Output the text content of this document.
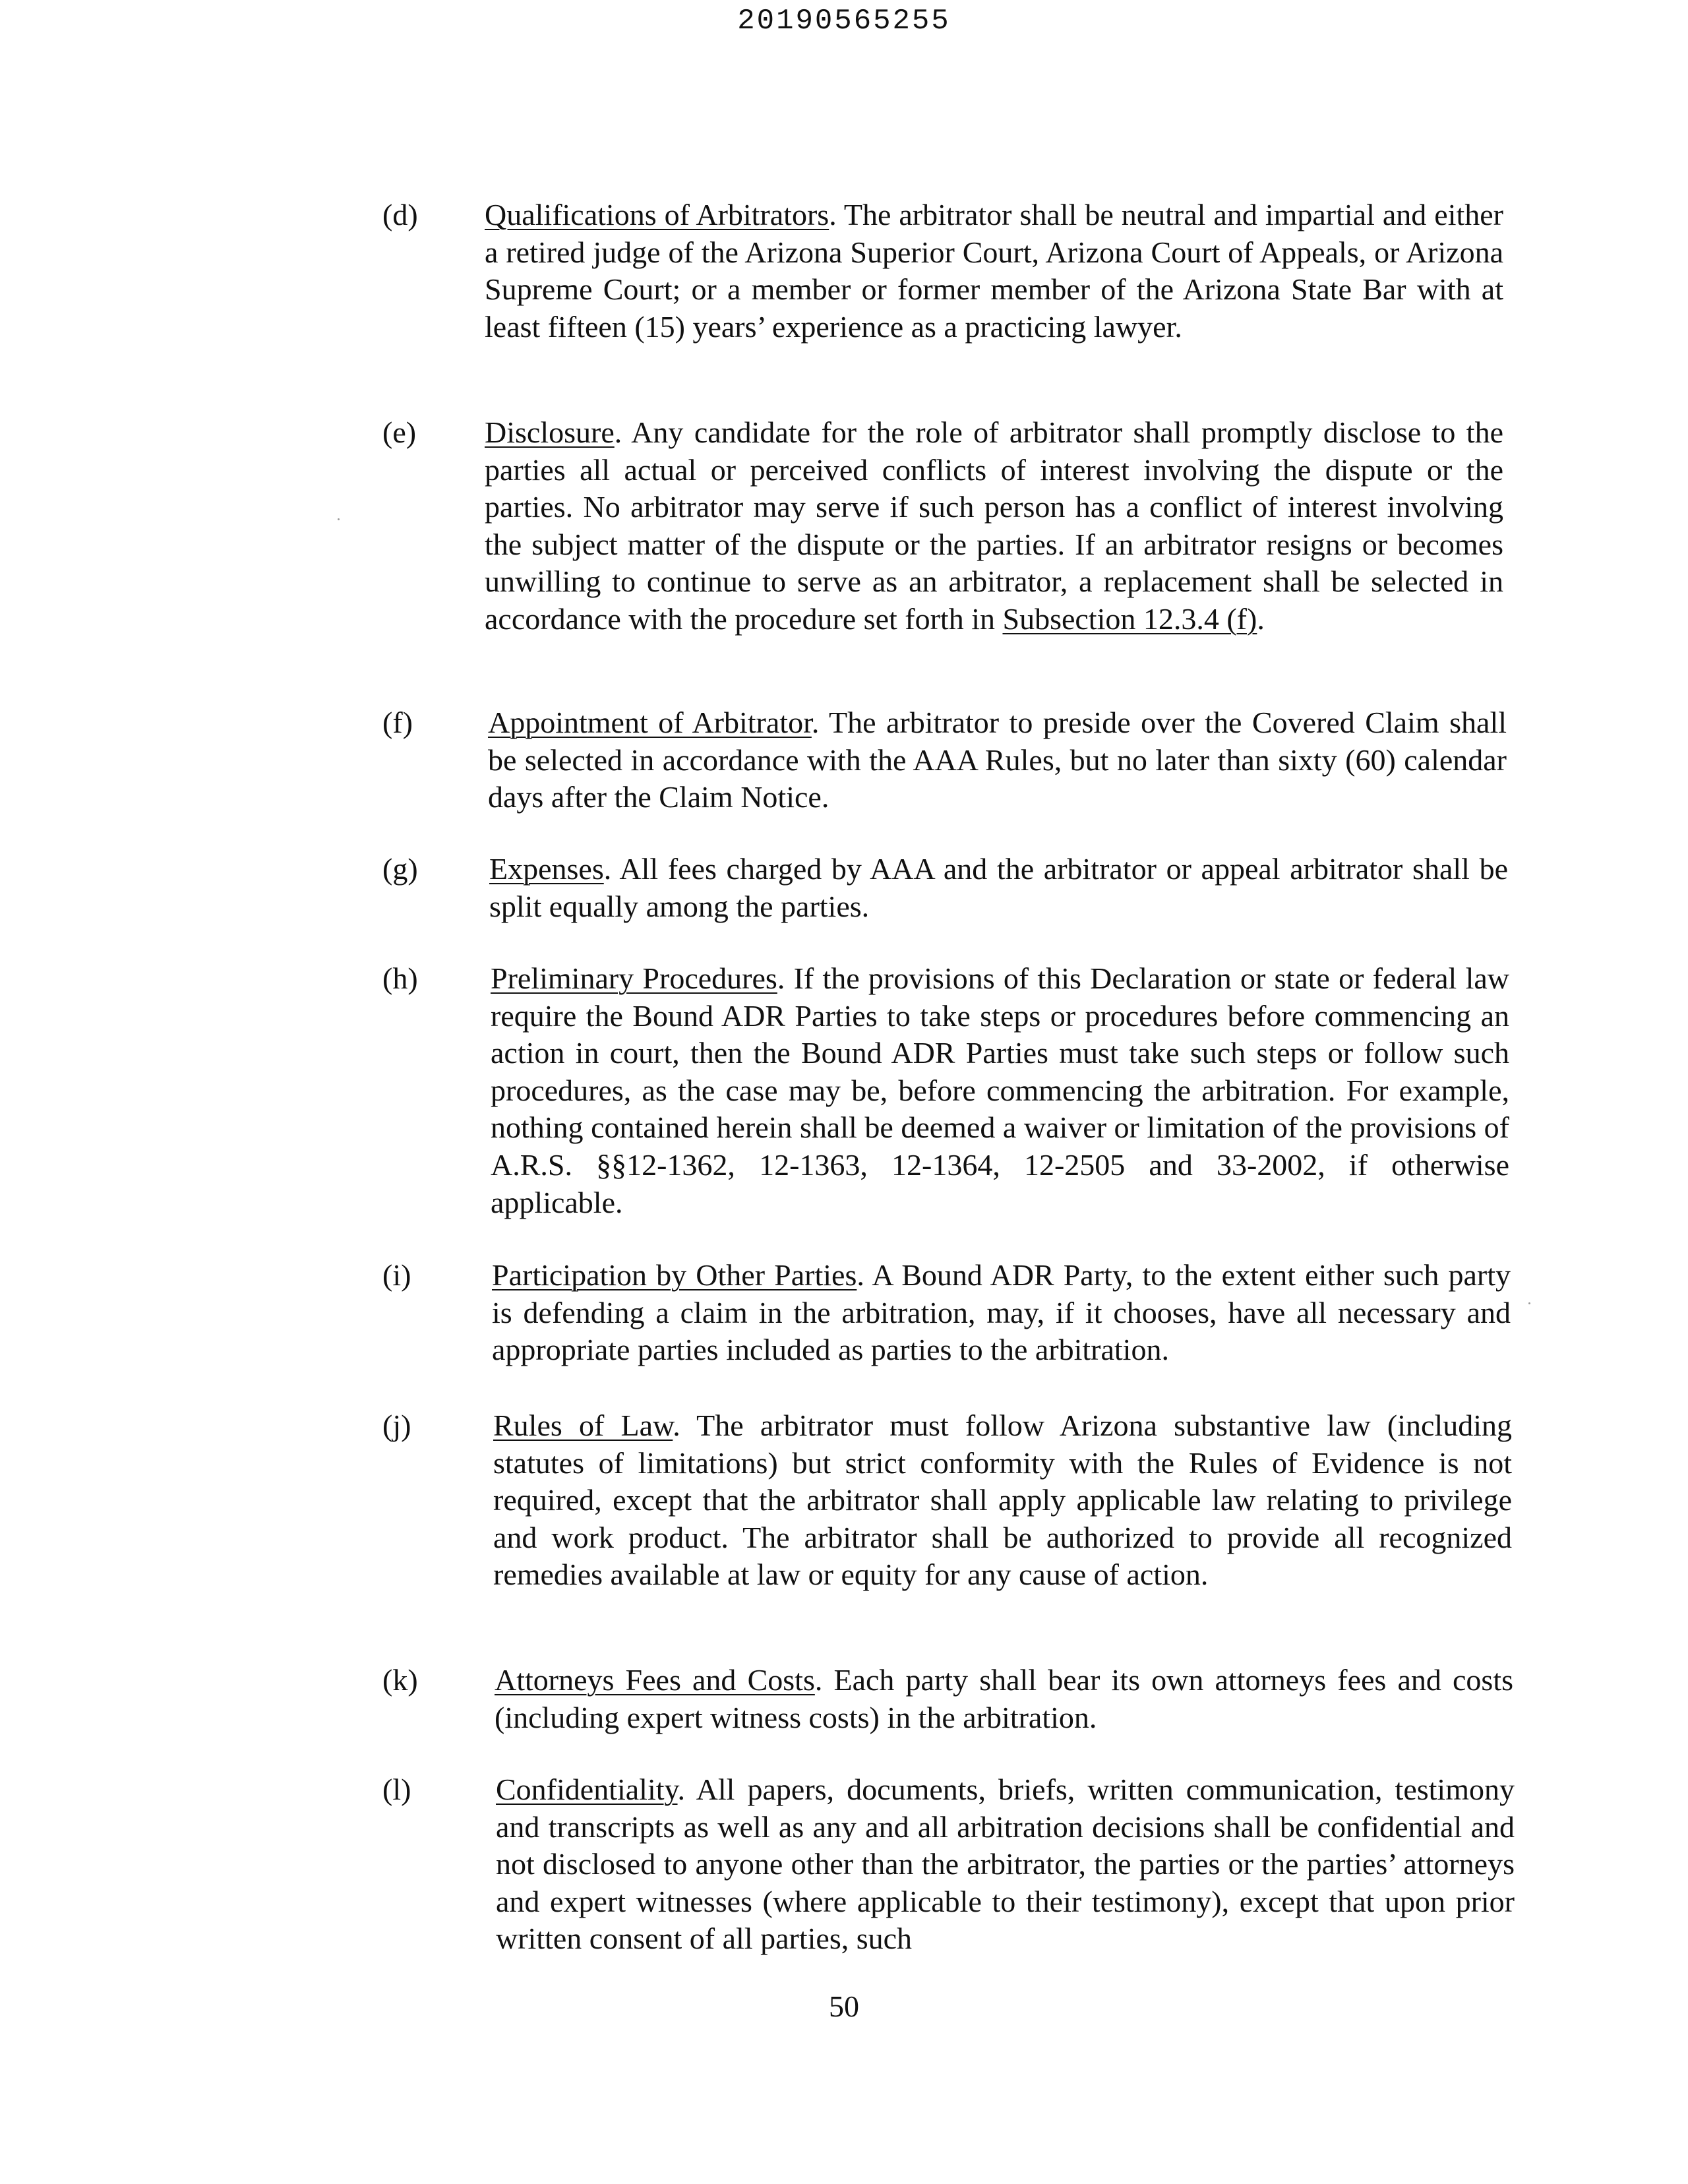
20190565255
(d) Qualifications of Arbitrators. The arbitrator shall be neutral and impartial and either a retired judge of the Arizona Superior Court, Arizona Court of Appeals, or Arizona Supreme Court; or a member or former member of the Arizona State Bar with at least fifteen (15) years’ experience as a practicing lawyer.
(e) Disclosure. Any candidate for the role of arbitrator shall promptly disclose to the parties all actual or perceived conflicts of interest involving the dispute or the parties. No arbitrator may serve if such person has a conflict of interest involving the subject matter of the dispute or the parties. If an arbitrator resigns or becomes unwilling to continue to serve as an arbitrator, a replacement shall be selected in accordance with the procedure set forth in Subsection 12.3.4 (f).
(f) Appointment of Arbitrator. The arbitrator to preside over the Covered Claim shall be selected in accordance with the AAA Rules, but no later than sixty (60) calendar days after the Claim Notice.
(g) Expenses. All fees charged by AAA and the arbitrator or appeal arbitrator shall be split equally among the parties.
(h) Preliminary Procedures. If the provisions of this Declaration or state or federal law require the Bound ADR Parties to take steps or procedures before commencing an action in court, then the Bound ADR Parties must take such steps or follow such procedures, as the case may be, before commencing the arbitration. For example, nothing contained herein shall be deemed a waiver or limitation of the provisions of A.R.S. §§12-1362, 12-1363, 12-1364, 12-2505 and 33-2002, if otherwise applicable.
(i)	Participation by Other Parties. A Bound ADR Party, to the extent either such party is defending a claim in the arbitration, may, if it chooses, have all necessary and appropriate parties included as parties to the arbitration.
(j)	Rules of Law. The arbitrator must follow Arizona substantive law (including statutes of limitations) but strict conformity with the Rules of Evidence is not required, except that the arbitrator shall apply applicable law relating to privilege and work product. The arbitrator shall be authorized to provide all recognized remedies available at law or equity for any cause of action.
(k)	Attorneys Fees and Costs. Each party shall bear its own attorneys fees and costs (including expert witness costs) in the arbitration.
(l)	Confidentiality. All papers, documents, briefs, written communication, testimony and transcripts as well as any and all arbitration decisions shall be confidential and not disclosed to anyone other than the arbitrator, the parties or the parties’ attorneys and expert witnesses (where applicable to their testimony), except that upon prior written consent of all parties, such
50
